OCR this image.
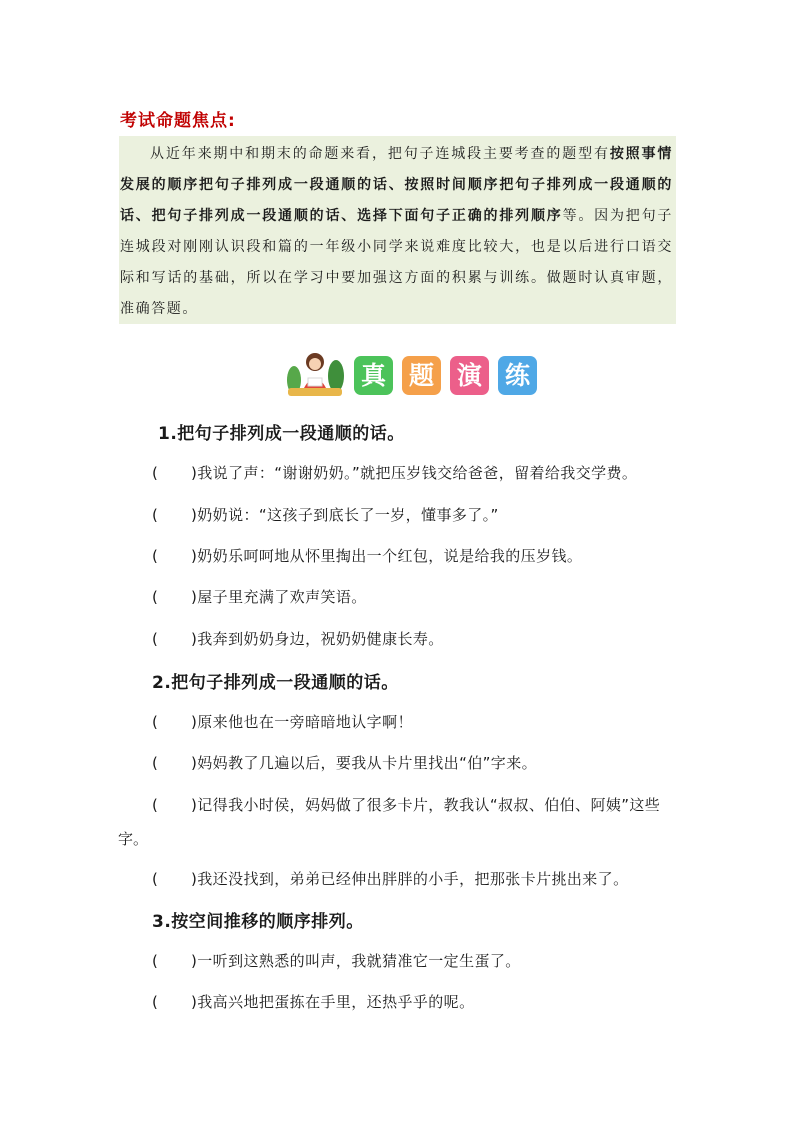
考试命题焦点:

从近年来期中和期末的命题来看，把句子连城段主要考查的题型有按照事情发展的顺序把句子排列成一段通顺的话、按照时间顺序把句子排列成一段通顺的话、把句子排列成一段通顺的话、选择下面句子正确的排列顺序等。因为把句子连城段对刚刚认识段和篇的一年级小同学来说难度比较大，也是以后进行口语交际和写话的基础，所以在学习中要加强这方面的积累与训练。做题时认真审题，准确答题。

真 题 演 练
1.把句子排列成一段通顺的话。
( )我说了声：“谢谢奶奶。”就把压岁钱交给爸爸，留着给我交学费。
( )奶奶说：“这孩子到底长了一岁，懂事多了。”
( )奶奶乐呵呵地从怀里掏出一个红包，说是给我的压岁钱。
( )屋子里充满了欢声笑语。
( )我奔到奶奶身边，祝奶奶健康长寿。
2.把句子排列成一段通顺的话。
( )原来他也在一旁暗暗地认字啊！
( )妈妈教了几遍以后，要我从卡片里找出“伯”字来。
( )记得我小时侯，妈妈做了很多卡片，教我认“叔叔、伯伯、阿姨”这些
字。
( )我还没找到，弟弟已经伸出胖胖的小手，把那张卡片挑出来了。
3.按空间推移的顺序排列。
( )一听到这熟悉的叫声，我就猜准它一定生蛋了。
( )我高兴地把蛋拣在手里，还热乎乎的呢。
